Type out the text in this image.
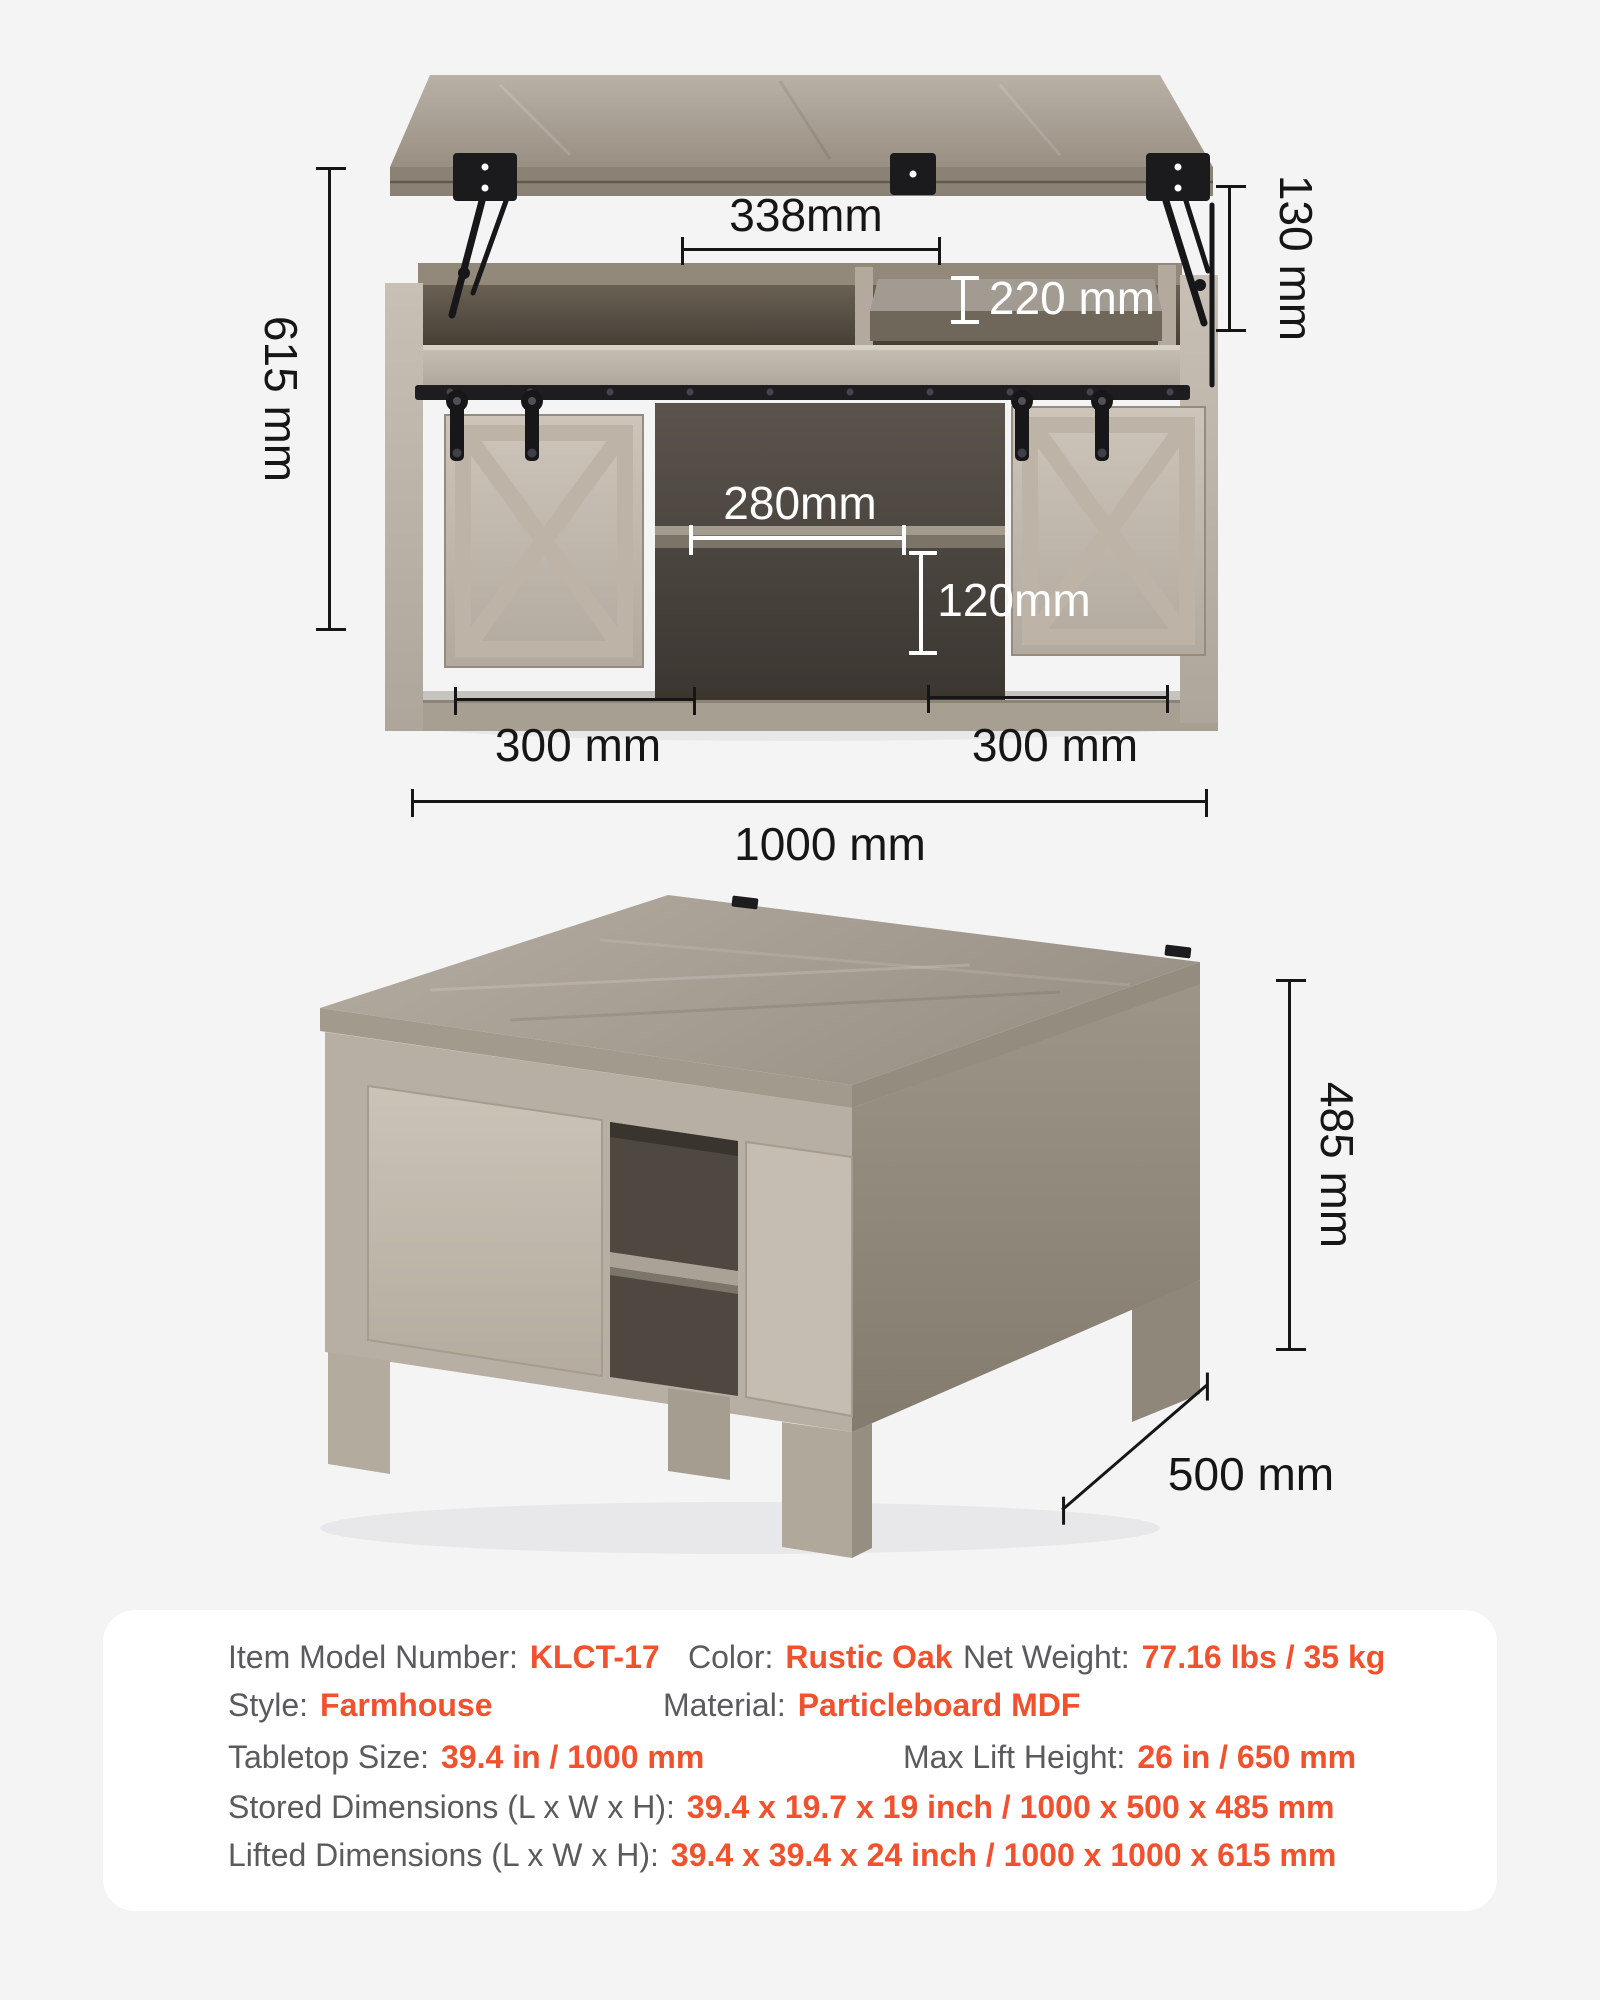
615 mm
338mm	130 mm
220 mm
280mm
120mm
300 mm	300 mm
1000 mm
485 mm
500 mm
Item Model Number: KLCT-17 Color: Rustic Oak Net Weight: 77.16 lbs / 35 kg
Style: Farmhouse	Material: Particleboard MDF
Tabletop Size: 39.4 in / 1000 mm	Max Lift Height: 26 in / 650 mm
Stored Dimensions (L x W x H): 39.4 x 19.7 x 19 inch / 1000 x 500 x 485 mm
Lifted Dimensions (L x W x H): 39.4 x 39.4 x 24 inch / 1000 x 1000 x 615 mm
